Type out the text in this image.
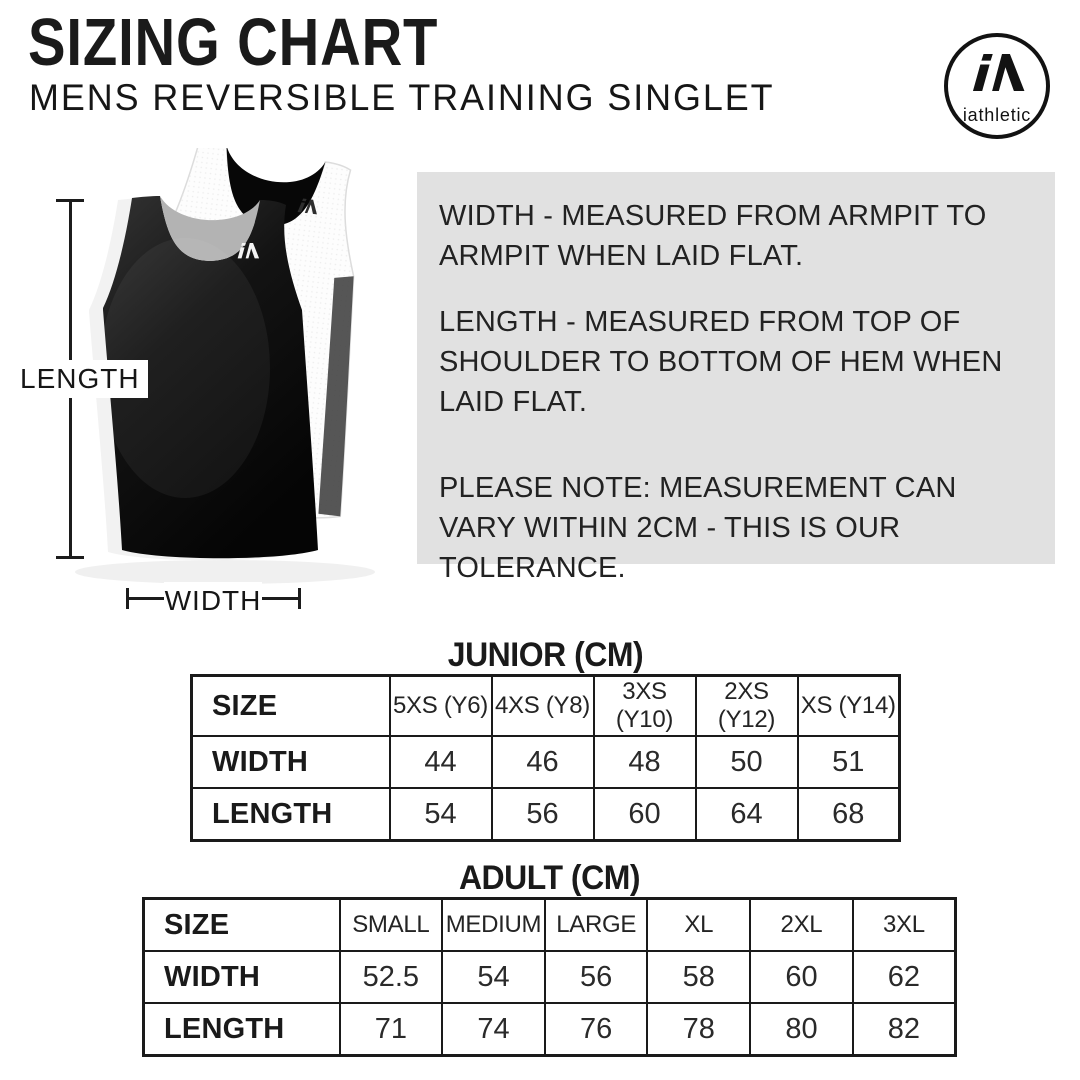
SIZING CHART
MENS REVERSIBLE TRAINING SINGLET	iathletic
LENGTH
WIDTH

WIDTH - MEASURED FROM ARMPIT TO ARMPIT WHEN LAID FLAT.

LENGTH - MEASURED FROM TOP OF SHOULDER TO BOTTOM OF HEM WHEN LAID FLAT.

PLEASE NOTE: MEASUREMENT CAN VARY WITHIN 2CM - THIS IS OUR TOLERANCE.

JUNIOR (CM)
SIZE	5XS (Y6)	4XS (Y8)	3XS (Y10)	2XS (Y12)	XS (Y14)
WIDTH	44	46	48	50	51
LENGTH	54	56	60	64	68
ADULT (CM)
SIZE	SMALL	MEDIUM	LARGE	XL	2XL	3XL
WIDTH	52.5	54	56	58	60	62
LENGTH	71	74	76	78	80	82
